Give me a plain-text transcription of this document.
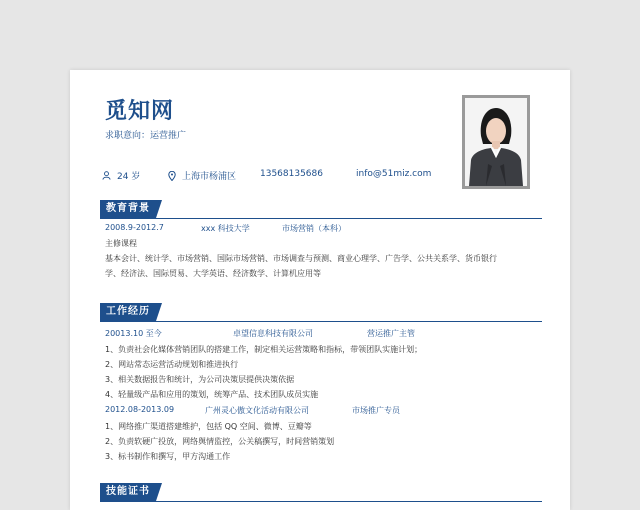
觅知网
求职意向：运营推广
24 岁	上海市杨浦区	13568135686	info@51miz.com
教育背景
2008.9-2012.7	xxx 科技大学	市场营销（本科）
主修课程
基本会计、统计学、市场营销、国际市场营销、市场调查与预测、商业心理学、广告学、公共关系学、货币银行
学、经济法、国际贸易、大学英语、经济数学、计算机应用等
工作经历
20013.10 至今	卓望信息科技有限公司	营运推广主管
1、负责社会化媒体营销团队的搭建工作，制定相关运营策略和指标，带领团队实施计划；
2、网站常态运营活动规划和推进执行
3、相关数据报告和统计，为公司决策层提供决策依据
4、轻量级产品和应用的策划，统筹产品、技术团队成员实施
2012.08-2013.09	广州灵心傲文化活动有限公司	市场推广专员
1、网络推广渠道搭建维护，包括 QQ 空间、微博、豆瓣等
2、负责软硬广投放，网络舆情监控，公关稿撰写，时间营销策划
3、标书制作和撰写，甲方沟通工作
技能证书
